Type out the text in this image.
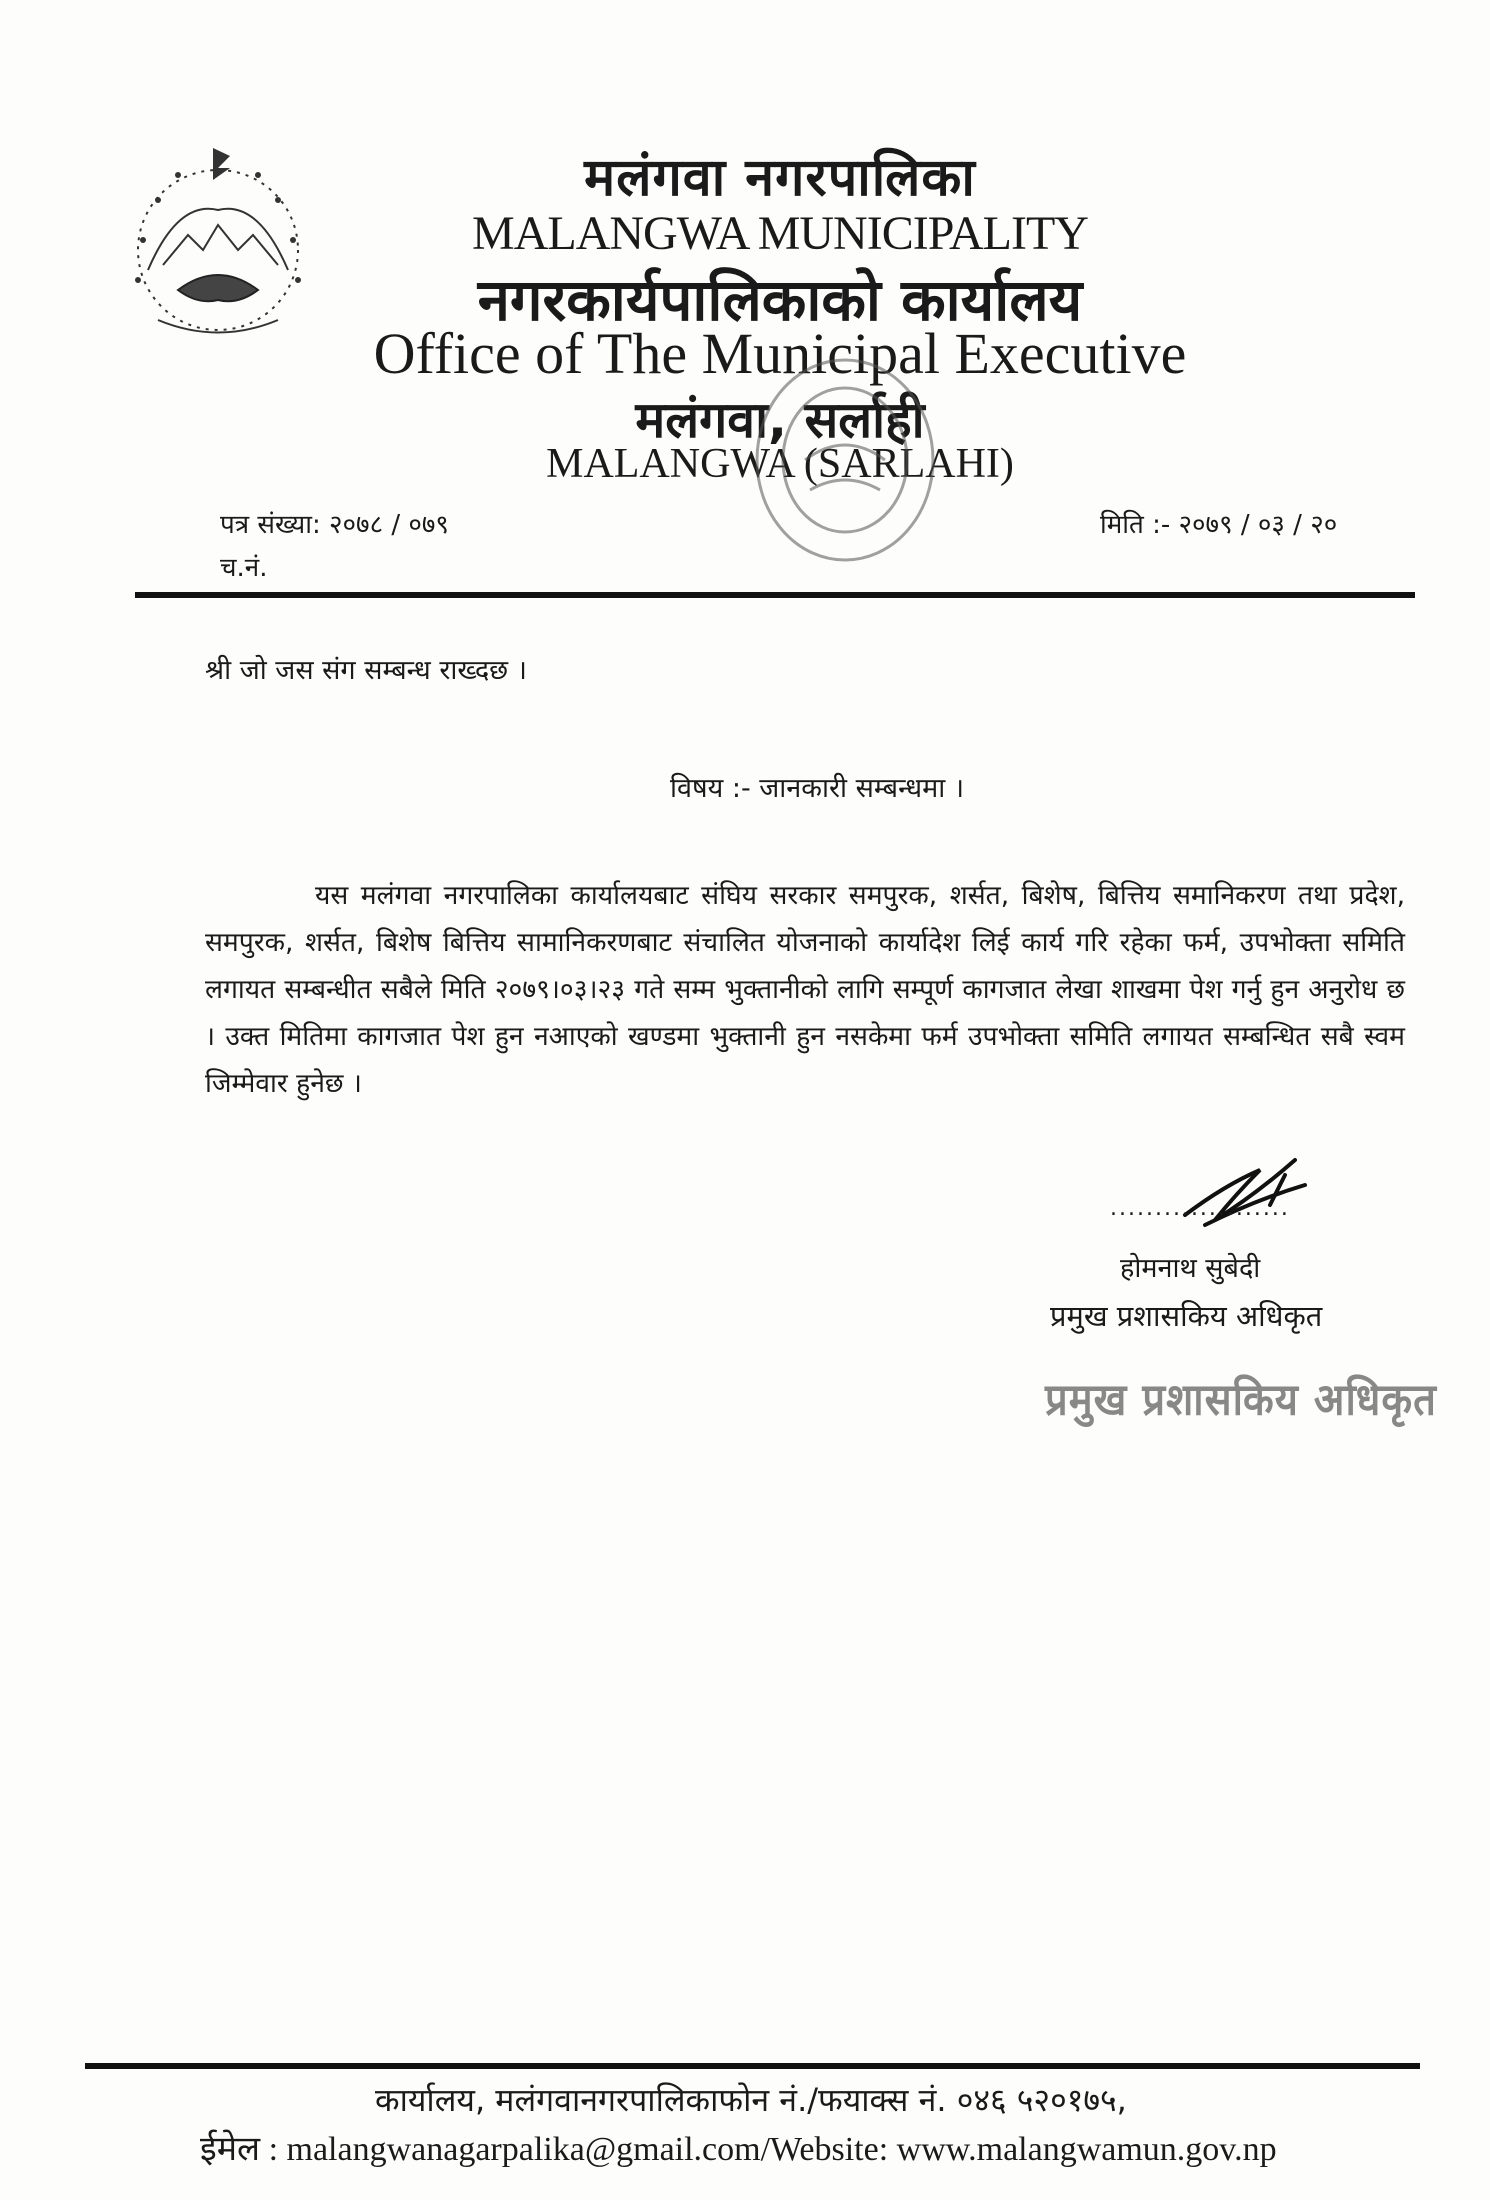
मलंगवा नगरपालिका
MALANGWA MUNICIPALITY
नगरकार्यपालिकाको कार्यालय
Office of The Municipal Executive
मलंगवा, सर्लाही
MALANGWA (SARLAHI)
पत्र संख्या: २०७८ / ०७९	मिति :- २०७९ / ०३ / २०
च.नं.
श्री जो जस संग सम्बन्ध राख्दछ ।
विषय :- जानकारी सम्बन्धमा ।
यस मलंगवा नगरपालिका कार्यालयबाट संघिय सरकार समपुरक, शर्सत, बिशेष, बित्तिय समानिकरण तथा प्रदेश, समपुरक, शर्सत, बिशेष बित्तिय सामानिकरणबाट संचालित योजनाको कार्यादेश लिई कार्य गरि रहेका फर्म, उपभोक्ता समिति लगायत सम्बन्धीत सबैले मिति २०७९।०३।२३ गते सम्म भुक्तानीको लागि सम्पूर्ण कागजात लेखा शाखमा पेश गर्नु हुन अनुरोध छ । उक्त मितिमा कागजात पेश हुन नआएको खण्डमा भुक्तानी हुन नसकेमा फर्म उपभोक्ता समिति लगायत सम्बन्धित सबै स्वम जिम्मेवार हुनेछ ।
....................
होमनाथ सुबेदी
प्रमुख प्रशासकिय अधिकृत
प्रमुख प्रशासकिय अधिकृत
कार्यालय, मलंगवानगरपालिकाफोन नं./फयाक्स नं. ०४६ ५२०१७५,
ईमेल : malangwanagarpalika@gmail.com/Website: www.malangwamun.gov.np
